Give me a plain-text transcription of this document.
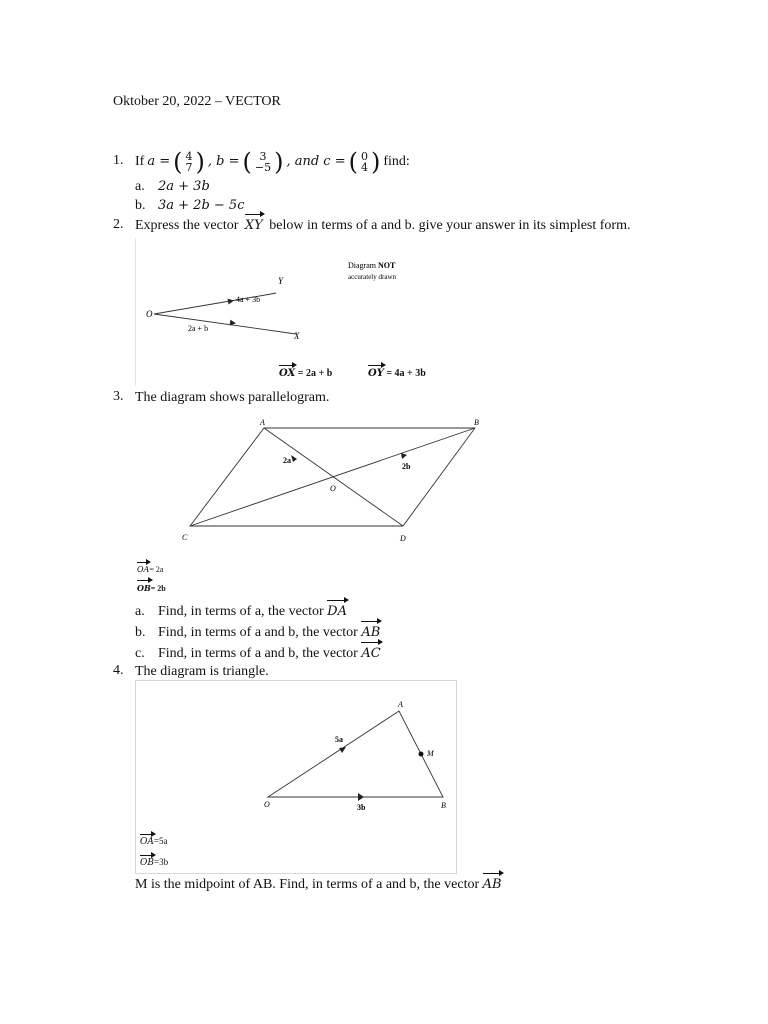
Oktober 20, 2022 – VECTOR
1. If a = ( 4
7 ) , b = ( 3
−5 ) , and c = ( 0
4 ) find:
a. 2a + 3b
b. 3a + 2b − 5c
2. Express the vector XY below in terms of a and b. give your answer in its simplest form.
O
Y
X
4a + 3b
2a + b
Diagram NOT
accurately drawn
OX = 2a + b	OY = 4a + 3b
3. The diagram shows parallelogram.
A	B
C	D
O
2a
2b
OA= 2a
OB= 2b
a. Find, in terms of a, the vector DA
b. Find, in terms of a and b, the vector AB
c. Find, in terms of a and b, the vector AC
4. The diagram is triangle.
A
B
O
M
5a
3b
OA=5a
OB=3b
M is the midpoint of AB. Find, in terms of a and b, the vector AB
